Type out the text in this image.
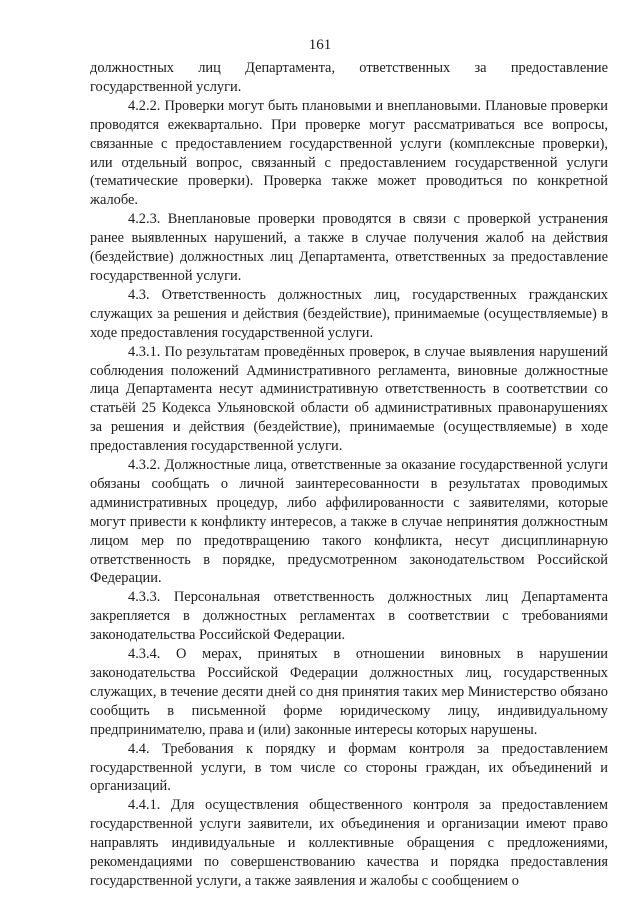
161

должностных лиц Департамента, ответственных за предоставление государственной услуги.

4.2.2. Проверки могут быть плановыми и внеплановыми. Плановые проверки проводятся ежеквартально. При проверке могут рассматриваться все вопросы, связанные с предоставлением государственной услуги (комплексные проверки), или отдельный вопрос, связанный с предоставлением государственной услуги (тематические проверки). Проверка также может проводиться по конкретной жалобе.

4.2.3. Внеплановые проверки проводятся в связи с проверкой устранения ранее выявленных нарушений, а также в случае получения жалоб на действия (бездействие) должностных лиц Департамента, ответственных за предоставление государственной услуги.

4.3. Ответственность должностных лиц, государственных гражданских служащих за решения и действия (бездействие), принимаемые (осуществляемые) в ходе предоставления государственной услуги.

4.3.1. По результатам проведённых проверок, в случае выявления нарушений соблюдения положений Административного регламента, виновные должностные лица Департамента несут административную ответственность в соответствии со статьёй 25 Кодекса Ульяновской области об административных правонарушениях за решения и действия (бездействие), принимаемые (осуществляемые) в ходе предоставления государственной услуги.

4.3.2. Должностные лица, ответственные за оказание государственной услуги обязаны сообщать о личной заинтересованности в результатах проводимых административных процедур, либо аффилированности с заявителями, которые могут привести к конфликту интересов, а также в случае непринятия должностным лицом мер по предотвращению такого конфликта, несут дисциплинарную ответственность в порядке, предусмотренном законодательством Российской Федерации.

4.3.3. Персональная ответственность должностных лиц Департамента закрепляется в должностных регламентах в соответствии с требованиями законодательства Российской Федерации.

4.3.4. О мерах, принятых в отношении виновных в нарушении законодательства Российской Федерации должностных лиц, государственных служащих, в течение десяти дней со дня принятия таких мер Министерство обязано сообщить в письменной форме юридическому лицу, индивидуальному предпринимателю, права и (или) законные интересы которых нарушены.

4.4. Требования к порядку и формам контроля за предоставлением государственной услуги, в том числе со стороны граждан, их объединений и организаций.

4.4.1. Для осуществления общественного контроля за предоставлением государственной услуги заявители, их объединения и организации имеют право направлять индивидуальные и коллективные обращения с предложениями, рекомендациями по совершенствованию качества и порядка предоставления государственной услуги, а также заявления и жалобы с сообщением о
